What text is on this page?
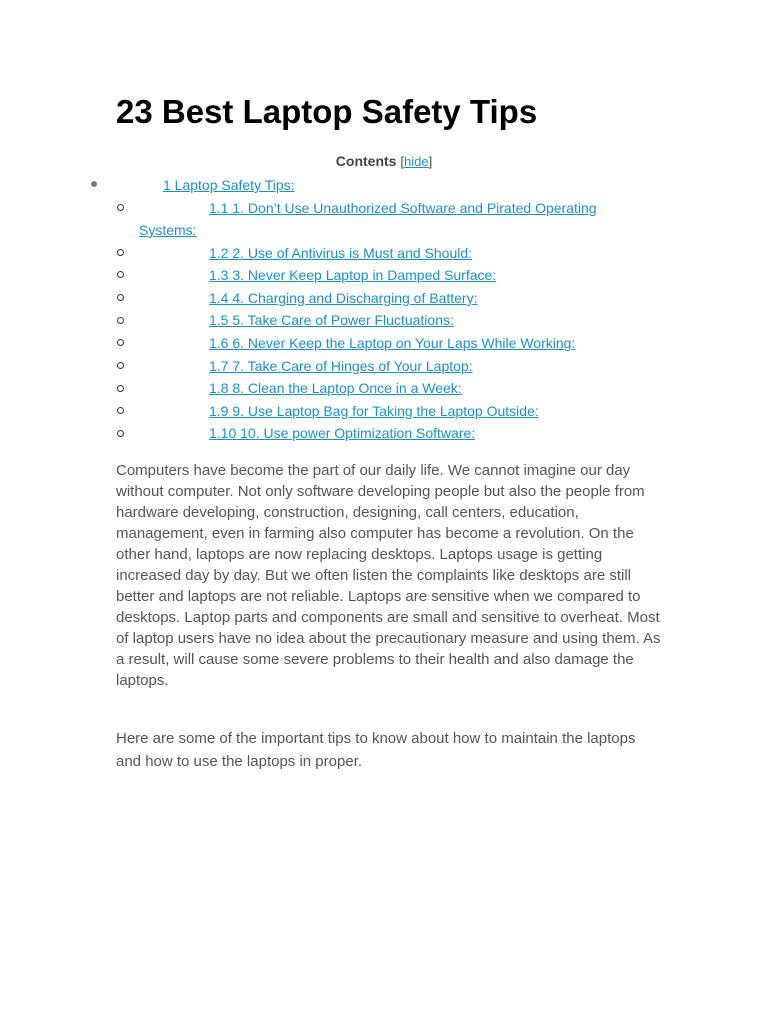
23 Best Laptop Safety Tips
Contents [hide]
1 Laptop Safety Tips:
1.1 1. Don’t Use Unauthorized Software and Pirated Operating
Systems:
1.2 2. Use of Antivirus is Must and Should:
1.3 3. Never Keep Laptop in Damped Surface:
1.4 4. Charging and Discharging of Battery:
1.5 5. Take Care of Power Fluctuations:
1.6 6. Never Keep the Laptop on Your Laps While Working:
1.7 7. Take Care of Hinges of Your Laptop:
1.8 8. Clean the Laptop Once in a Week:
1.9 9. Use Laptop Bag for Taking the Laptop Outside:
1.10 10. Use power Optimization Software:

Computers have become the part of our daily life. We cannot imagine our day without computer. Not only software developing people but also the people from hardware developing, construction, designing, call centers, education, management, even in farming also computer has become a revolution. On the other hand, laptops are now replacing desktops. Laptops usage is getting increased day by day. But we often listen the complaints like desktops are still better and laptops are not reliable. Laptops are sensitive when we compared to desktops. Laptop parts and components are small and sensitive to overheat. Most of laptop users have no idea about the precautionary measure and using them. As a result, will cause some severe problems to their health and also damage the laptops.

Here are some of the important tips to know about how to maintain the laptops and how to use the laptops in proper.
